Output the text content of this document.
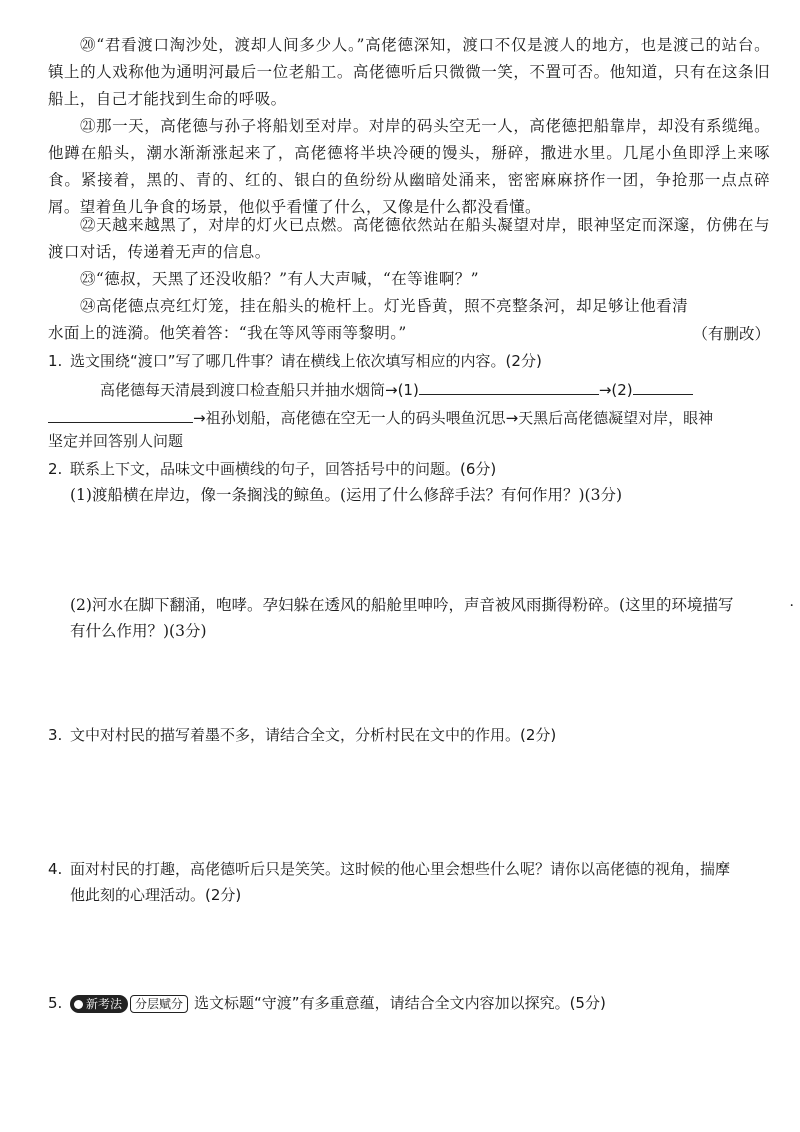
⑳“君看渡口淘沙处，渡却人间多少人。”高佬德深知，渡口不仅是渡人的地方，也是渡己的站台。镇上的人戏称他为通明河最后一位老船工。高佬德听后只微微一笑，不置可否。他知道，只有在这条旧船上，自己才能找到生命的呼吸。
㉑那一天，高佬德与孙子将船划至对岸。对岸的码头空无一人，高佬德把船靠岸，却没有系缆绳。他蹲在船头，潮水渐渐涨起来了，高佬德将半块冷硬的馒头，掰碎，撒进水里。几尾小鱼即浮上来啄食。紧接着，黑的、青的、红的、银白的鱼纷纷从幽暗处涌来，密密麻麻挤作一团，争抢那一点点碎屑。望着鱼儿争食的场景，他似乎看懂了什么，又像是什么都没看懂。
㉒天越来越黑了，对岸的灯火已点燃。高佬德依然站在船头凝望对岸，眼神坚定而深邃，仿佛在与渡口对话，传递着无声的信息。
㉓“德叔，天黑了还没收船？”有人大声喊，“在等谁啊？”
㉔高佬德点亮红灯笼，挂在船头的桅杆上。灯光昏黄，照不亮整条河，却足够让他看清水面上的涟漪。他笑着答：“我在等风等雨等黎明。”	（有删改）
1. 选文围绕“渡口”写了哪几件事？请在横线上依次填写相应的内容。(2分)
高佬德每天清晨到渡口检查船只并抽水烟筒→(1)	→(2)
→祖孙划船，高佬德在空无一人的码头喂鱼沉思→天黑后高佬德凝望对岸，眼神
坚定并回答别人问题
2. 联系上下文，品味文中画横线的句子，回答括号中的问题。(6分)
(1)渡船横在岸边，像一条搁浅的鲸鱼。(运用了什么修辞手法？有何作用？)(3分)
(2)河水在脚下翻涌，咆哮。孕妇躲在透风的船舱里呻吟，声音被风雨撕得粉碎。(这里的环境描写
有什么作用？)(3分)
·
3. 文中对村民的描写着墨不多，请结合全文，分析村民在文中的作用。(2分)
4. 面对村民的打趣，高佬德听后只是笑笑。这时候的他心里会想些什么呢？请你以高佬德的视角，揣摩
他此刻的心理活动。(2分)
5. 新考法 分层赋分 选文标题“守渡”有多重意蕴，请结合全文内容加以探究。(5分)
